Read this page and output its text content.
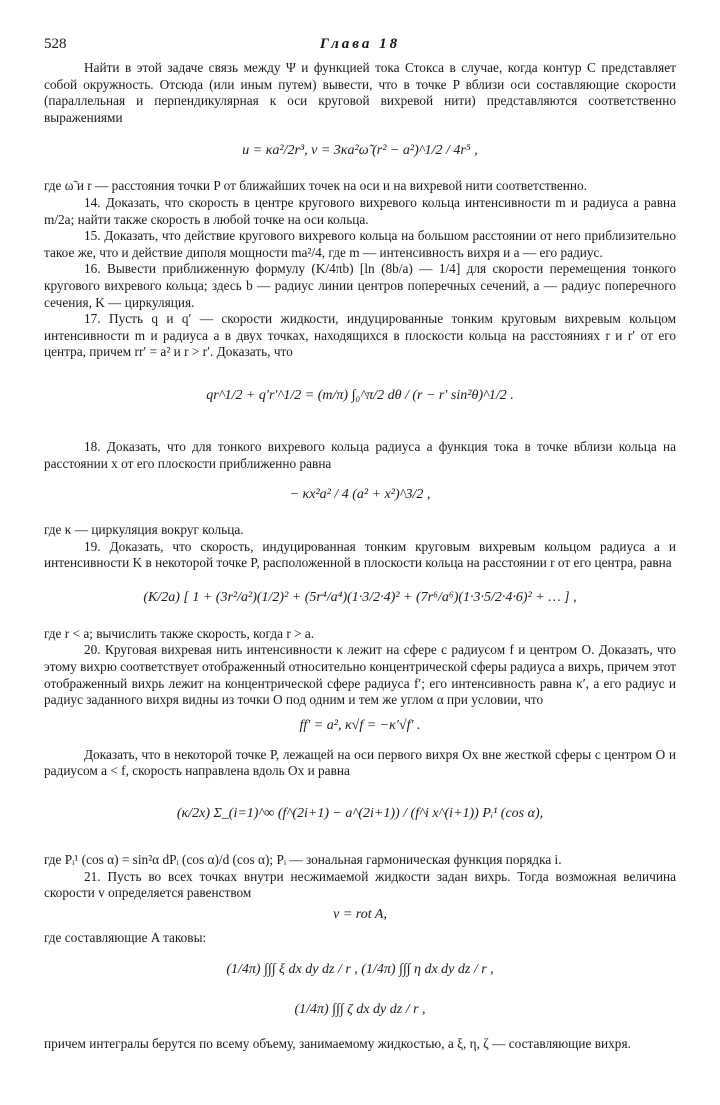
528	Глава 18

Найти в этой задаче связь между Ψ и функцией тока Стокса в случае, когда контур C представляет собой окружность. Отсюда (или иным путем) вывести, что в точке P вблизи оси составляющие скорости (параллельная и перпендикулярная к оси круговой вихревой нити) представляются соответственно выражениями

u = κa²/2r³, v = 3κa²ω̃ (r² − a²)^1/2 / 4r⁵ ,

где ω̃ и r — расстояния точки P от ближайших точек на оси и на вихревой нити соответственно.

14. Доказать, что скорость в центре кругового вихревого кольца интенсивности m и радиуса a равна m/2a; найти также скорость в любой точке на оси кольца.

15. Доказать, что действие кругового вихревого кольца на большом расстоянии от него приблизительно такое же, что и действие диполя мощности ma²/4, где m — интенсивность вихря и a — его радиус.

16. Вывести приближенную формулу (K/4πb) [ln (8b/a) — 1/4] для скорости перемещения тонкого кругового вихревого кольца; здесь b — радиус линии центров поперечных сечений, a — радиус поперечного сечения, K — циркуляция.

17. Пусть q и q′ — скорости жидкости, индуцированные тонким круговым вихревым кольцом интенсивности m и радиуса a в двух точках, находящихся в плоскости кольца на расстояниях r и r′ от его центра, причем rr′ = a² и r > r′. Доказать, что

qr^1/2 + q′r′^1/2 = (m/π) ∫₀^π/2 dθ / (r − r′ sin²θ)^1/2 .

18. Доказать, что для тонкого вихревого кольца радиуса a функция тока в точке вблизи кольца на расстоянии x от его плоскости приближенно равна

− κx²a² / 4 (a² + x²)^3/2 ,

где κ — циркуляция вокруг кольца.

19. Доказать, что скорость, индуцированная тонким круговым вихревым кольцом радиуса a и интенсивности K в некоторой точке P, расположенной в плоскости кольца на расстоянии r от его центра, равна

(K/2a) [ 1 + (3r²/a²)(1/2)² + (5r⁴/a⁴)(1·3/2·4)² + (7r⁶/a⁶)(1·3·5/2·4·6)² + … ] ,

где r < a; вычислить также скорость, когда r > a.

20. Круговая вихревая нить интенсивности κ лежит на сфере с радиусом f и центром O. Доказать, что этому вихрю соответствует отображенный относительно концентрической сферы радиуса a вихрь, причем этот отображенный вихрь лежит на концентрической сфере радиуса f′; его интенсивность равна κ′, а его радиус и радиус заданного вихря видны из точки O под одним и тем же углом α при условии, что

ff′ = a², κ√f = −κ′√f′ .

Доказать, что в некоторой точке P, лежащей на оси первого вихря Ox вне жесткой сферы с центром O и радиусом a < f, скорость направлена вдоль Ox и равна

(κ/2x) Σ_(i=1)^∞ (f^(2i+1) − a^(2i+1)) / (f^i x^(i+1)) Pᵢ¹ (cos α),

где Pᵢ¹ (cos α) = sin²α dPᵢ (cos α)/d (cos α); Pᵢ — зональная гармоническая функция порядка i.

21. Пусть во всех точках внутри несжимаемой жидкости задан вихрь. Тогда возможная величина скорости v определяется равенством

v = rot A,

где составляющие A таковы:

(1/4π) ∫∫∫ ξ dx dy dz / r , (1/4π) ∫∫∫ η dx dy dz / r ,
(1/4π) ∫∫∫ ζ dx dy dz / r ,

причем интегралы берутся по всему объему, занимаемому жидкостью, а ξ, η, ζ — составляющие вихря.
